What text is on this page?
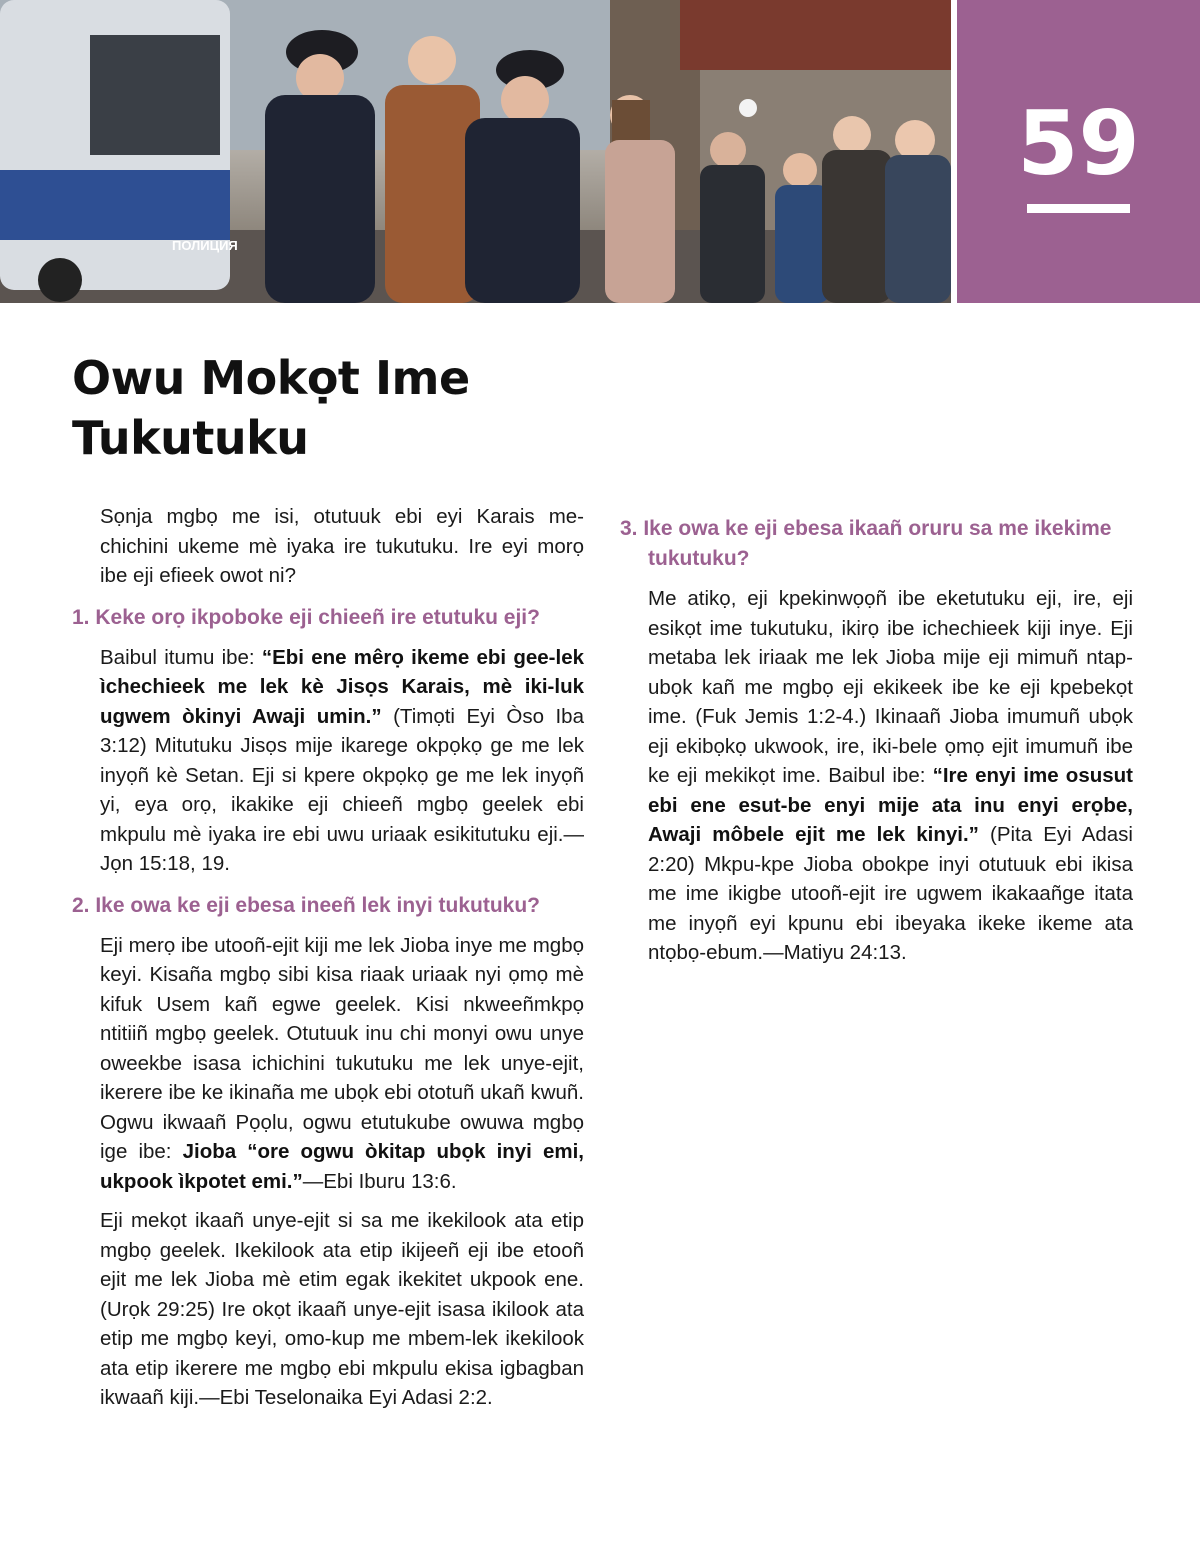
ПОЛИЦИЯ
59
Owu Mokọt Ime Tukutuku

Sọnja mgbọ me isi, otutuuk ebi eyi Karais me-chichini ukeme mè iyaka ire tukutuku. Ire eyi morọ ibe eji efieek owot ni?

1. Keke orọ ikpoboke eji chieeñ ire etutuku eji?

Baibul itumu ibe: “Ebi ene mêrọ ikeme ebi gee-lek ìchechieek me lek kè Jisọs Karais, mè iki-luk ugwem òkinyi Awaji umin.” (Timọti Eyi Òso Iba 3:12) Mitutuku Jisọs mije ikarege okpọkọ ge me lek inyọñ kè Setan. Eji si kpere okpọkọ ge me lek inyọñ yi, eya orọ, ikakike eji chieeñ mgbọ geelek ebi mkpulu mè iyaka ire ebi uwu uriaak esikitutuku eji.—Jọn 15:18, 19.

2. Ike owa ke eji ebesa ineeñ lek inyi tukutuku?

Eji merọ ibe utooñ-ejit kiji me lek Jioba inye me mgbọ keyi. Kisaña mgbọ sibi kisa riaak uriaak nyi ọmọ mè kifuk Usem kañ egwe geelek. Kisi nkweeñmkpọ ntitiiñ mgbọ geelek. Otutuuk inu chi monyi owu unye oweekbe isasa ichichini tukutuku me lek unye-ejit, ikerere ibe ke ikinaña me ubọk ebi ototuñ ukañ kwuñ. Ogwu ikwaañ Pọọlu, ogwu etutukube owuwa mgbọ ige ibe: Jioba “ore ogwu òkitap ubọk inyi emi, ukpook ìkpotet emi.”—Ebi Iburu 13:6.

Eji mekọt ikaañ unye-ejit si sa me ikekilook ata etip mgbọ geelek. Ikekilook ata etip ikijeeñ eji ibe etooñ ejit me lek Jioba mè etim egak ikekitet ukpook ene. (Urọk 29:25) Ire okọt ikaañ unye-ejit isasa ikilook ata etip me mgbọ keyi, omo-kup me mbem-lek ikekilook ata etip ikerere me mgbọ ebi mkpulu ekisa igbagban ikwaañ kiji.—Ebi Teselonaika Eyi Adasi 2:2.

3. Ike owa ke eji ebesa ikaañ oruru sa me ikekime tukutuku?

Me atikọ, eji kpekinwọọñ ibe eketutuku eji, ire, eji esikọt ime tukutuku, ikirọ ibe ichechieek kiji inye. Eji metaba lek iriaak me lek Jioba mije eji mimuñ ntap-ubọk kañ me mgbọ eji ekikeek ibe ke eji kpebekọt ime. (Fuk Jemis 1:2-4.) Ikinaañ Jioba imumuñ ubọk eji ekibọkọ ukwook, ire, iki-bele ọmọ ejit imumuñ ibe ke eji mekikọt ime. Baibul ibe: “Ire enyi ime osusut ebi ene esut-be enyi mije ata inu enyi erọbe, Awaji môbele ejit me lek kinyi.” (Pita Eyi Adasi 2:20) Mkpu-kpe Jioba obokpe inyi otutuuk ebi ikisa me ime ikigbe utooñ-ejit ire ugwem ikakaañge itata me inyọñ eyi kpunu ebi ibeyaka ikeke ikeme ata ntọbọ-ebum.—Matiyu 24:13.
